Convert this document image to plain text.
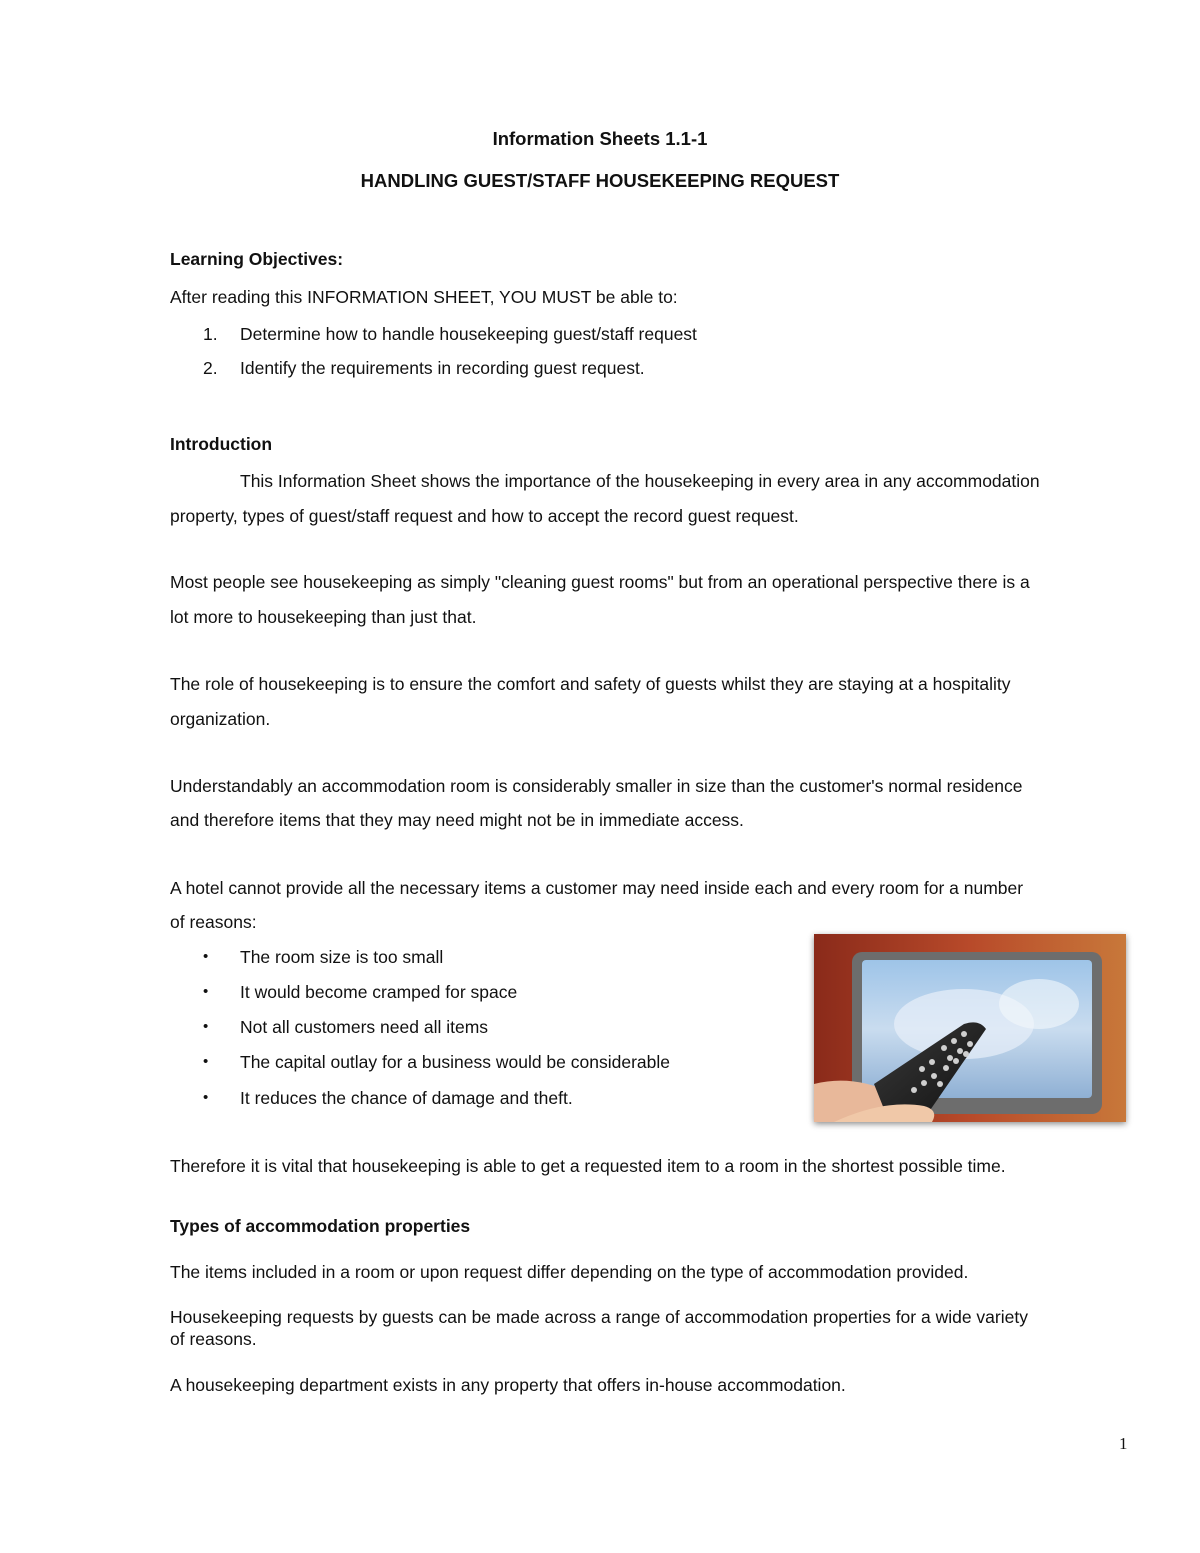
Information Sheets 1.1-1
HANDLING GUEST/STAFF HOUSEKEEPING REQUEST
Learning Objectives:
After reading this INFORMATION SHEET, YOU MUST be able to:
1. Determine how to handle housekeeping guest/staff request
2. Identify the requirements in recording guest request.
Introduction
This Information Sheet shows the importance of the housekeeping in every area in any accommodation
property, types of guest/staff request and how to accept the record guest request.
Most people see housekeeping as simply "cleaning guest rooms" but from an operational perspective there is a
lot more to housekeeping than just that.
The role of housekeeping is to ensure the comfort and safety of guests whilst they are staying at a hospitality
organization.
Understandably an accommodation room is considerably smaller in size than the customer's normal residence
and therefore items that they may need might not be in immediate access.
A hotel cannot provide all the necessary items a customer may need inside each and every room for a number
of reasons:
• The room size is too small
• It would become cramped for space
• Not all customers need all items
• The capital outlay for a business would be considerable
• It reduces the chance of damage and theft.
Therefore it is vital that housekeeping is able to get a requested item to a room in the shortest possible time.
Types of accommodation properties
The items included in a room or upon request differ depending on the type of accommodation provided.
Housekeeping requests by guests can be made across a range of accommodation properties for a wide variety
of reasons.
A housekeeping department exists in any property that offers in-house accommodation.
1
